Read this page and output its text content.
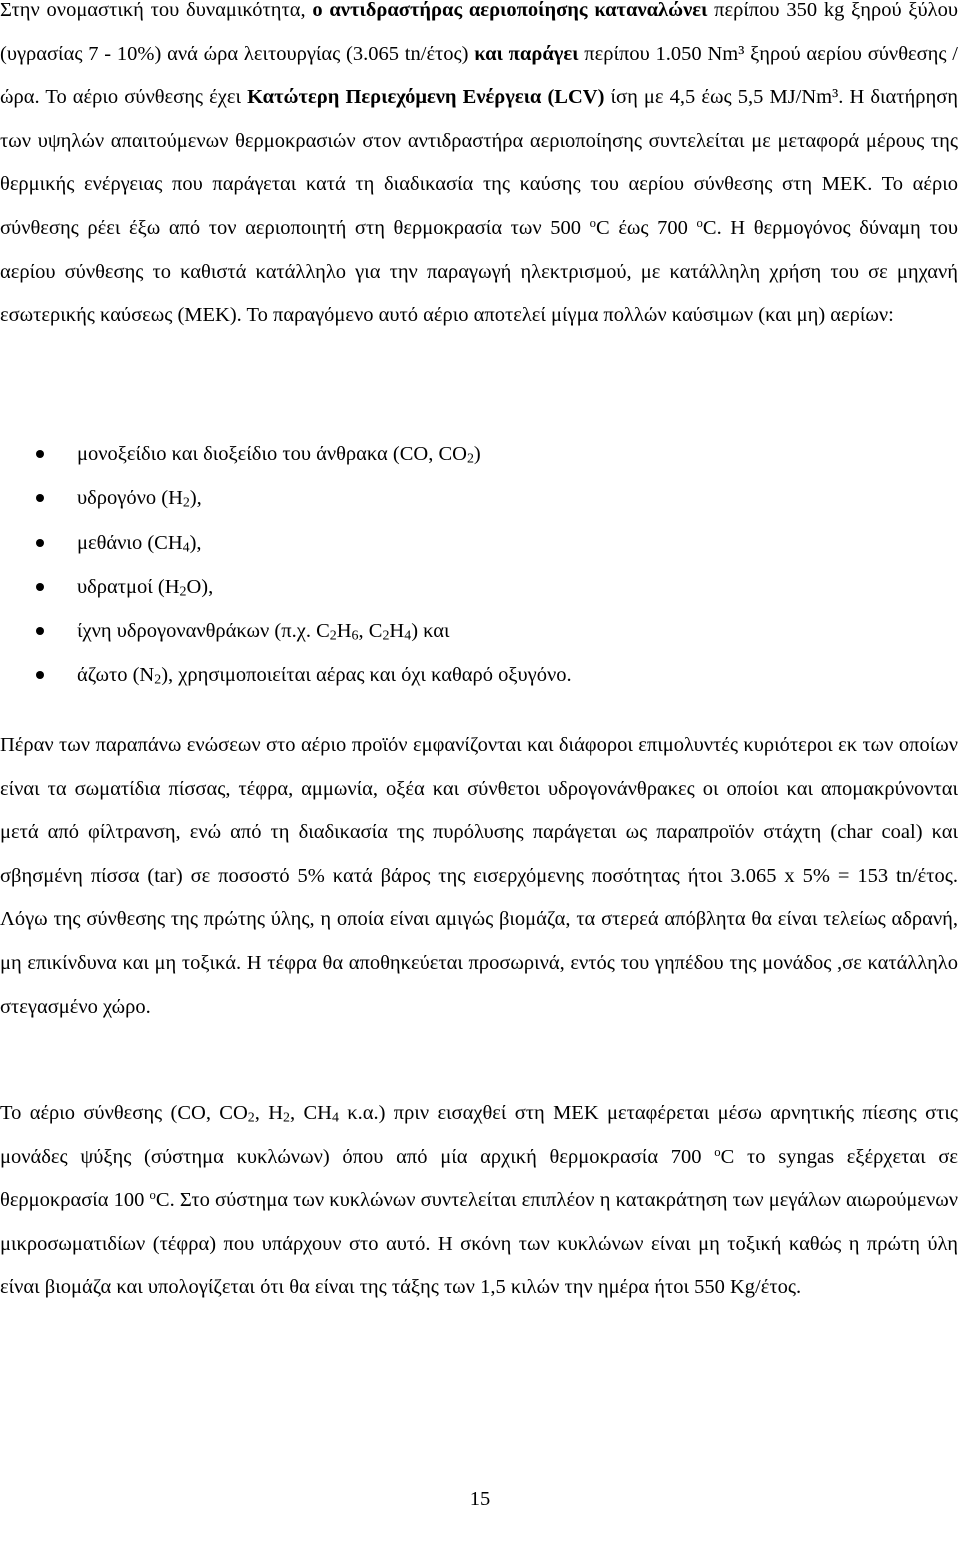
Στην ονομαστική του δυναμικότητα, ο αντιδραστήρας αεριοποίησης καταναλώνει περίπου 350 kg ξηρού ξύλου (υγρασίας 7 - 10%) ανά ώρα λειτουργίας (3.065 tn/έτος) και παράγει περίπου 1.050 Nm³ ξηρού αερίου σύνθεσης / ώρα. Το αέριο σύνθεσης έχει Κατώτερη Περιεχόμενη Ενέργεια (LCV) ίση με 4,5 έως 5,5 MJ/Nm³. Η διατήρηση των υψηλών απαιτούμενων θερμοκρασιών στον αντιδραστήρα αεριοποίησης συντελείται με μεταφορά μέρους της θερμικής ενέργειας που παράγεται κατά τη διαδικασία της καύσης του αερίου σύνθεσης στη ΜΕΚ. Το αέριο σύνθεσης ρέει έξω από τον αεριοποιητή στη θερμοκρασία των 500 $^o$C έως 700 $^o$C. Η θερμογόνος δύναμη του αερίου σύνθεσης το καθιστά κατάλληλο για την παραγωγή ηλεκτρισμού, με κατάλληλη χρήση του σε μηχανή εσωτερικής καύσεως (ΜΕΚ). Το παραγόμενο αυτό αέριο αποτελεί μίγμα πολλών καύσιμων (και μη) αερίων:

μονοξείδιο και διοξείδιο του άνθρακα (CO, $CO_2$)
υδρογόνο $(H_2)$,
μεθάνιο $(CH_4)$,
υδρατμοί $(H_2O)$,
ίχνη υδρογονανθράκων (π.χ. $C_2H_6$, $C_2H_4$) και
άζωτο $(N_2)$, χρησιμοποιείται αέρας και όχι καθαρό οξυγόνο.

Πέραν των παραπάνω ενώσεων στο αέριο προϊόν εμφανίζονται και διάφοροι επιμολυντές κυριότεροι εκ των οποίων είναι τα σωματίδια πίσσας, τέφρα, αμμωνία, οξέα και σύνθετοι υδρογονάνθρακες οι οποίοι και απομακρύνονται μετά από φίλτρανση, ενώ από τη διαδικασία της πυρόλυσης παράγεται ως παραπροϊόν στάχτη (char coal) και σβησμένη πίσσα (tar) σε ποσοστό 5% κατά βάρος της εισερχόμενης ποσότητας ήτοι 3.065 x 5% = 153 tn/έτος. Λόγω της σύνθεσης της πρώτης ύλης, η οποία είναι αμιγώς βιομάζα, τα στερεά απόβλητα θα είναι τελείως αδρανή, μη επικίνδυνα και μη τοξικά. Η τέφρα θα αποθηκεύεται προσωρινά, εντός του γηπέδου της μονάδος ,σε κατάλληλο στεγασμένο χώρο.

Το αέριο σύνθεσης (CO, $CO_2$, $H_2$, $CH_4$ κ.α.) πριν εισαχθεί στη ΜΕΚ μεταφέρεται μέσω αρνητικής πίεσης στις μονάδες ψύξης (σύστημα κυκλώνων) όπου από μία αρχική θερμοκρασία 700 $^o$C το syngas εξέρχεται σε θερμοκρασία 100 $^o$C. Στο σύστημα των κυκλώνων συντελείται επιπλέον η κατακράτηση των μεγάλων αιωρούμενων μικροσωματιδίων (τέφρα) που υπάρχουν στο αυτό. Η σκόνη των κυκλώνων είναι μη τοξική καθώς η πρώτη ύλη είναι βιομάζα και υπολογίζεται ότι θα είναι της τάξης των 1,5 κιλών την ημέρα ήτοι 550 Kg/έτος.

15
